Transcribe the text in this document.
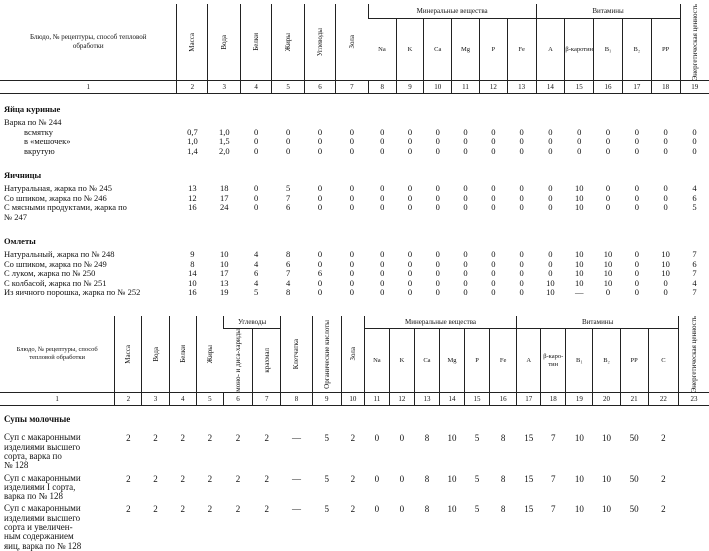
Блюдо, № рецептуры, способ тепловой обработки	Масса	Вода	Белки	Жиры	Углеводы	Зола	Минеральные вещества						Витамины					Энергетическая ценность

							Na	K	Ca	Mg	P	Fe	A	β-каротин	B₁	B₂	PP	

1	2	3	4	5	6	7	8	9	10	11	12	13	14	15	16	17	18	19
Яйца куриные																		
Варка по № 244																		
всмятку	0,7	1,0	0	0	0	0	0	0	0	0	0	0	0	0	0	0	0	0
в «мешочек»	1,0	1,5	0	0	0	0	0	0	0	0	0	0	0	0	0	0	0	0
вкрутую	1,4	2,0	0	0	0	0	0	0	0	0	0	0	0	0	0	0	0	0

Яичницы																		
Натуральная, жарка по № 245	13	18	0	5	0	0	0	0	0	0	0	0	0	10	0	0	0	4
Со шпиком, жарка по № 246	12	17	0	7	0	0	0	0	0	0	0	0	0	10	0	0	0	6
С мясными продуктами, жарка по	16	24	0	6	0	0	0	0	0	0	0	0	0	10	0	0	0	5
№ 247																		

Омлеты																		
Натуральный, жарка по № 248	9	10	4	8	0	0	0	0	0	0	0	0	0	10	10	0	10	7
Со шпиком, жарка по № 249	8	10	4	6	0	0	0	0	0	0	0	0	0	10	10	0	10	6
С луком, жарка по № 250	14	17	6	7	6	0	0	0	0	0	0	0	0	10	10	0	10	7
С колбасой, жарка по № 251	10	13	4	4	0	0	0	0	0	0	0	0	10	10	10	0	0	4
Из яичного порошка, жарка по № 252	16	19	5	8	0	0	0	0	0	0	0	0	10	—	0	0	0	7
Блюдо, № рецептуры, способ тепловой обработки	Масса	Вода	Белки	Жиры	Углеводы		Клетчатка	Органические кислоты	Зола	Минеральные вещества						Витамины						Энергетическая ценность

					моно- и диса-хариды	крахмал				Na	K	Ca	Mg	P	Fe	A	β-каро-тин	B₁	B₂	PP	C	

1	2	3	4	5	6	7	8	9	10	11	12	13	14	15	16	17	18	19	20	21	22	23
Супы молочные																						

Суп с макаронными
изделиями высшего
сорта, варка по
№ 128	2	2	2	2	2	2	—	5	2	0	0	8	10	5	8	15	7	10	10	50	2	

Суп с макаронными
изделиями I сорта,
варка по № 128	2	2	2	2	2	2	—	5	2	0	0	8	10	5	8	15	7	10	10	50	2	

Суп с макаронными
изделиями высшего
сорта и увеличен-
ным содержанием
яиц, варка по № 128	2	2	2	2	2	2	—	5	2	0	0	8	10	5	8	15	7	10	10	50	2	
